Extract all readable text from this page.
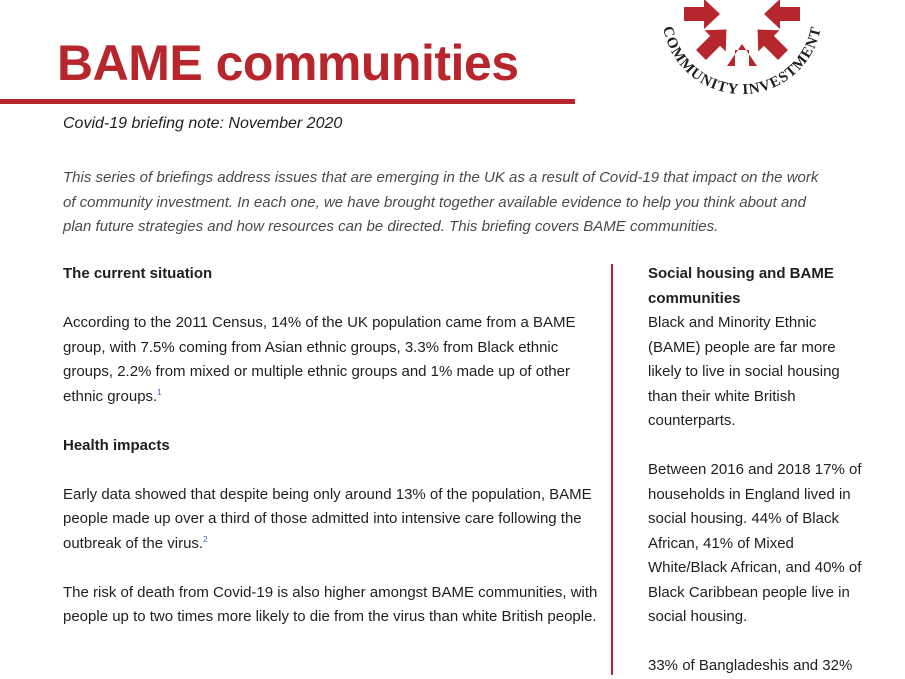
BAME communities
Covid-19 briefing note: November 2020
COMMUNITY INVESTMENT
This series of briefings address issues that are emerging in the UK as a result of Covid-19 that impact on the work of community investment. In each one, we have brought together available evidence to help you think about and plan future strategies and how resources can be directed. This briefing covers BAME communities.
The current situation

According to the 2011 Census, 14% of the UK population came from a BAME group, with 7.5% coming from Asian ethnic groups, 3.3% from Black ethnic groups, 2.2% from mixed or multiple ethnic groups and 1% made up of other ethnic groups.$^1$

Health impacts

Early data showed that despite being only around 13% of the population, BAME people made up over a third of those admitted into intensive care following the outbreak of the virus.$^2$

The risk of death from Covid-19 is also higher amongst BAME communities, with people up to two times more likely to die from the virus than white British people.

Social housing and BAME communities

Black and Minority Ethnic (BAME) people are far more likely to live in social housing than their white British counterparts.

Between 2016 and 2018 17% of households in England lived in social housing. 44% of Black African, 41% of Mixed White/Black African, and 40% of Black Caribbean people live in social housing.

33% of Bangladeshis and 32%
